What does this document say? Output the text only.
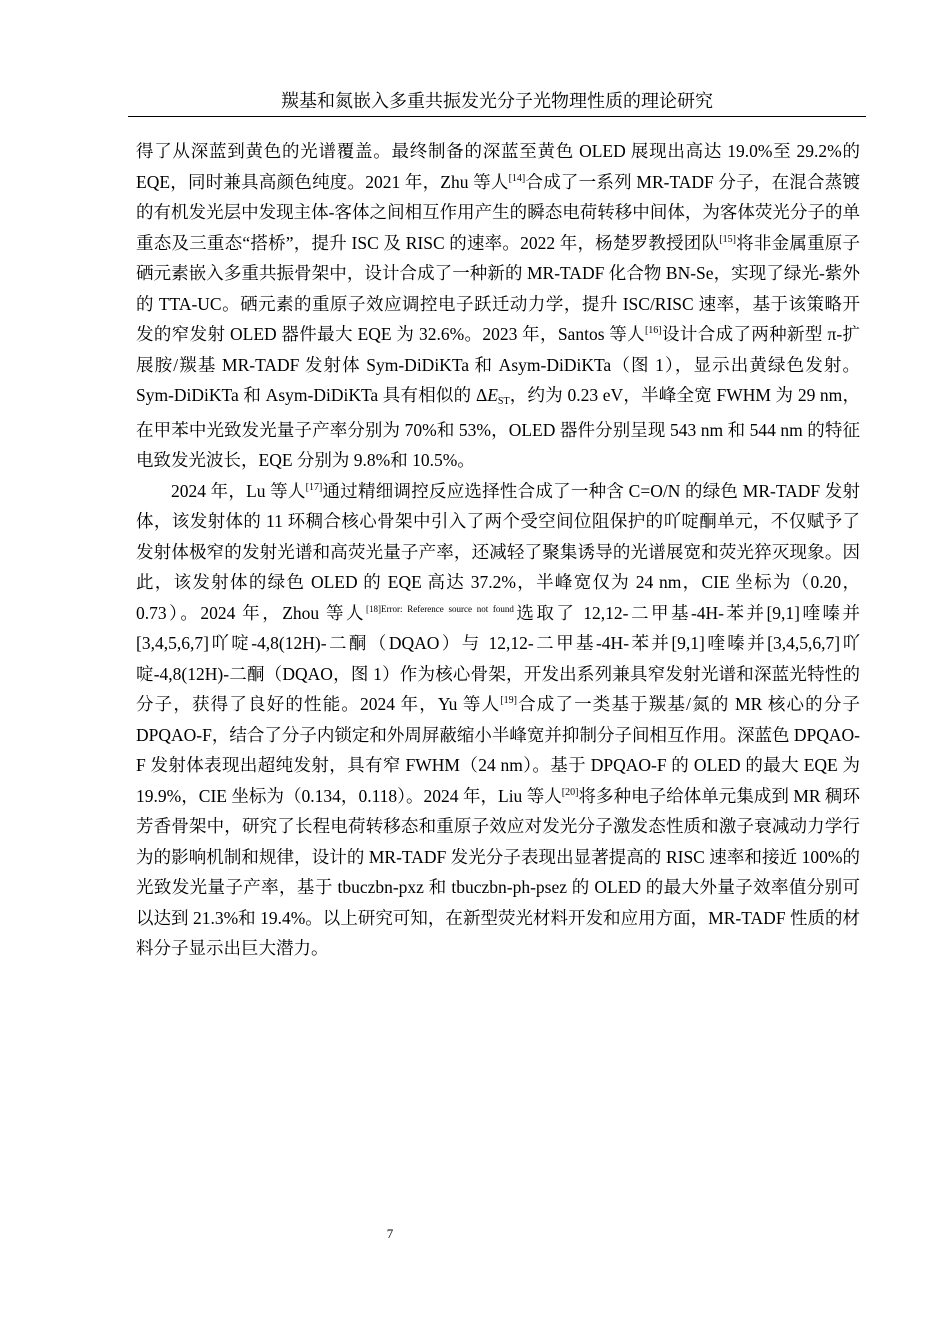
羰基和氮嵌入多重共振发光分子光物理性质的理论研究

得了从深蓝到黄色的光谱覆盖。最终制备的深蓝至黄色 OLED 展现出高达 19.0%至 29.2%的 EQE，同时兼具高颜色纯度。2021 年，Zhu 等人[14]合成了一系列 MR-TADF 分子，在混合蒸镀的有机发光层中发现主体-客体之间相互作用产生的瞬态电荷转移中间体，为客体荧光分子的单重态及三重态“搭桥”，提升 ISC 及 RISC 的速率。2022 年，杨楚罗教授团队[15]将非金属重原子硒元素嵌入多重共振骨架中，设计合成了一种新的 MR-TADF 化合物 BN-Se，实现了绿光-紫外的 TTA-UC。硒元素的重原子效应调控电子跃迁动力学，提升 ISC/RISC 速率，基于该策略开发的窄发射 OLED 器件最大 EQE 为 32.6%。2023 年，Santos 等人[16]设计合成了两种新型 π-扩展胺/羰基 MR-TADF 发射体 Sym-DiDiKTa 和 Asym-DiDiKTa（图 1），显示出黄绿色发射。Sym-DiDiKTa 和 Asym-DiDiKTa 具有相似的 ΔEST，约为 0.23 eV，半峰全宽 FWHM 为 29 nm，在甲苯中光致发光量子产率分别为 70%和 53%，OLED 器件分别呈现 543 nm 和 544 nm 的特征电致发光波长，EQE 分别为 9.8%和 10.5%。

2024 年，Lu 等人[17]通过精细调控反应选择性合成了一种含 C=O/N 的绿色 MR-TADF 发射体，该发射体的 11 环稠合核心骨架中引入了两个受空间位阻保护的吖啶酮单元，不仅赋予了发射体极窄的发射光谱和高荧光量子产率，还减轻了聚集诱导的光谱展宽和荧光猝灭现象。因此，该发射体的绿色 OLED 的 EQE 高达 37.2%，半峰宽仅为 24 nm，CIE 坐标为（0.20，0.73）。2024 年，Zhou 等人$^{[18]Error: Reference source not found}$选取了 12,12-二甲基-4H-苯并[9,1]喹嗪并[3,4,5,6,7]吖啶-4,8(12H)-二酮（DQAO）与 12,12-二甲基-4H-苯并[9,1]喹嗪并[3,4,5,6,7]吖啶-4,8(12H)-二酮（DQAO，图 1）作为核心骨架，开发出系列兼具窄发射光谱和深蓝光特性的分子，获得了良好的性能。2024 年，Yu 等人[19]合成了一类基于羰基/氮的 MR 核心的分子 DPQAO-F，结合了分子内锁定和外周屏蔽缩小半峰宽并抑制分子间相互作用。深蓝色 DPQAO-F 发射体表现出超纯发射，具有窄 FWHM（24 nm）。基于 DPQAO-F 的 OLED 的最大 EQE 为 19.9%，CIE 坐标为（0.134，0.118）。2024 年，Liu 等人[20]将多种电子给体单元集成到 MR 稠环芳香骨架中，研究了长程电荷转移态和重原子效应对发光分子激发态性质和激子衰减动力学行为的影响机制和规律，设计的 MR-TADF 发光分子表现出显著提高的 RISC 速率和接近 100%的光致发光量子产率，基于 tbuczbn-pxz 和 tbuczbn-ph-psez 的 OLED 的最大外量子效率值分别可以达到 21.3%和 19.4%。以上研究可知，在新型荧光材料开发和应用方面，MR-TADF 性质的材料分子显示出巨大潜力。

7
